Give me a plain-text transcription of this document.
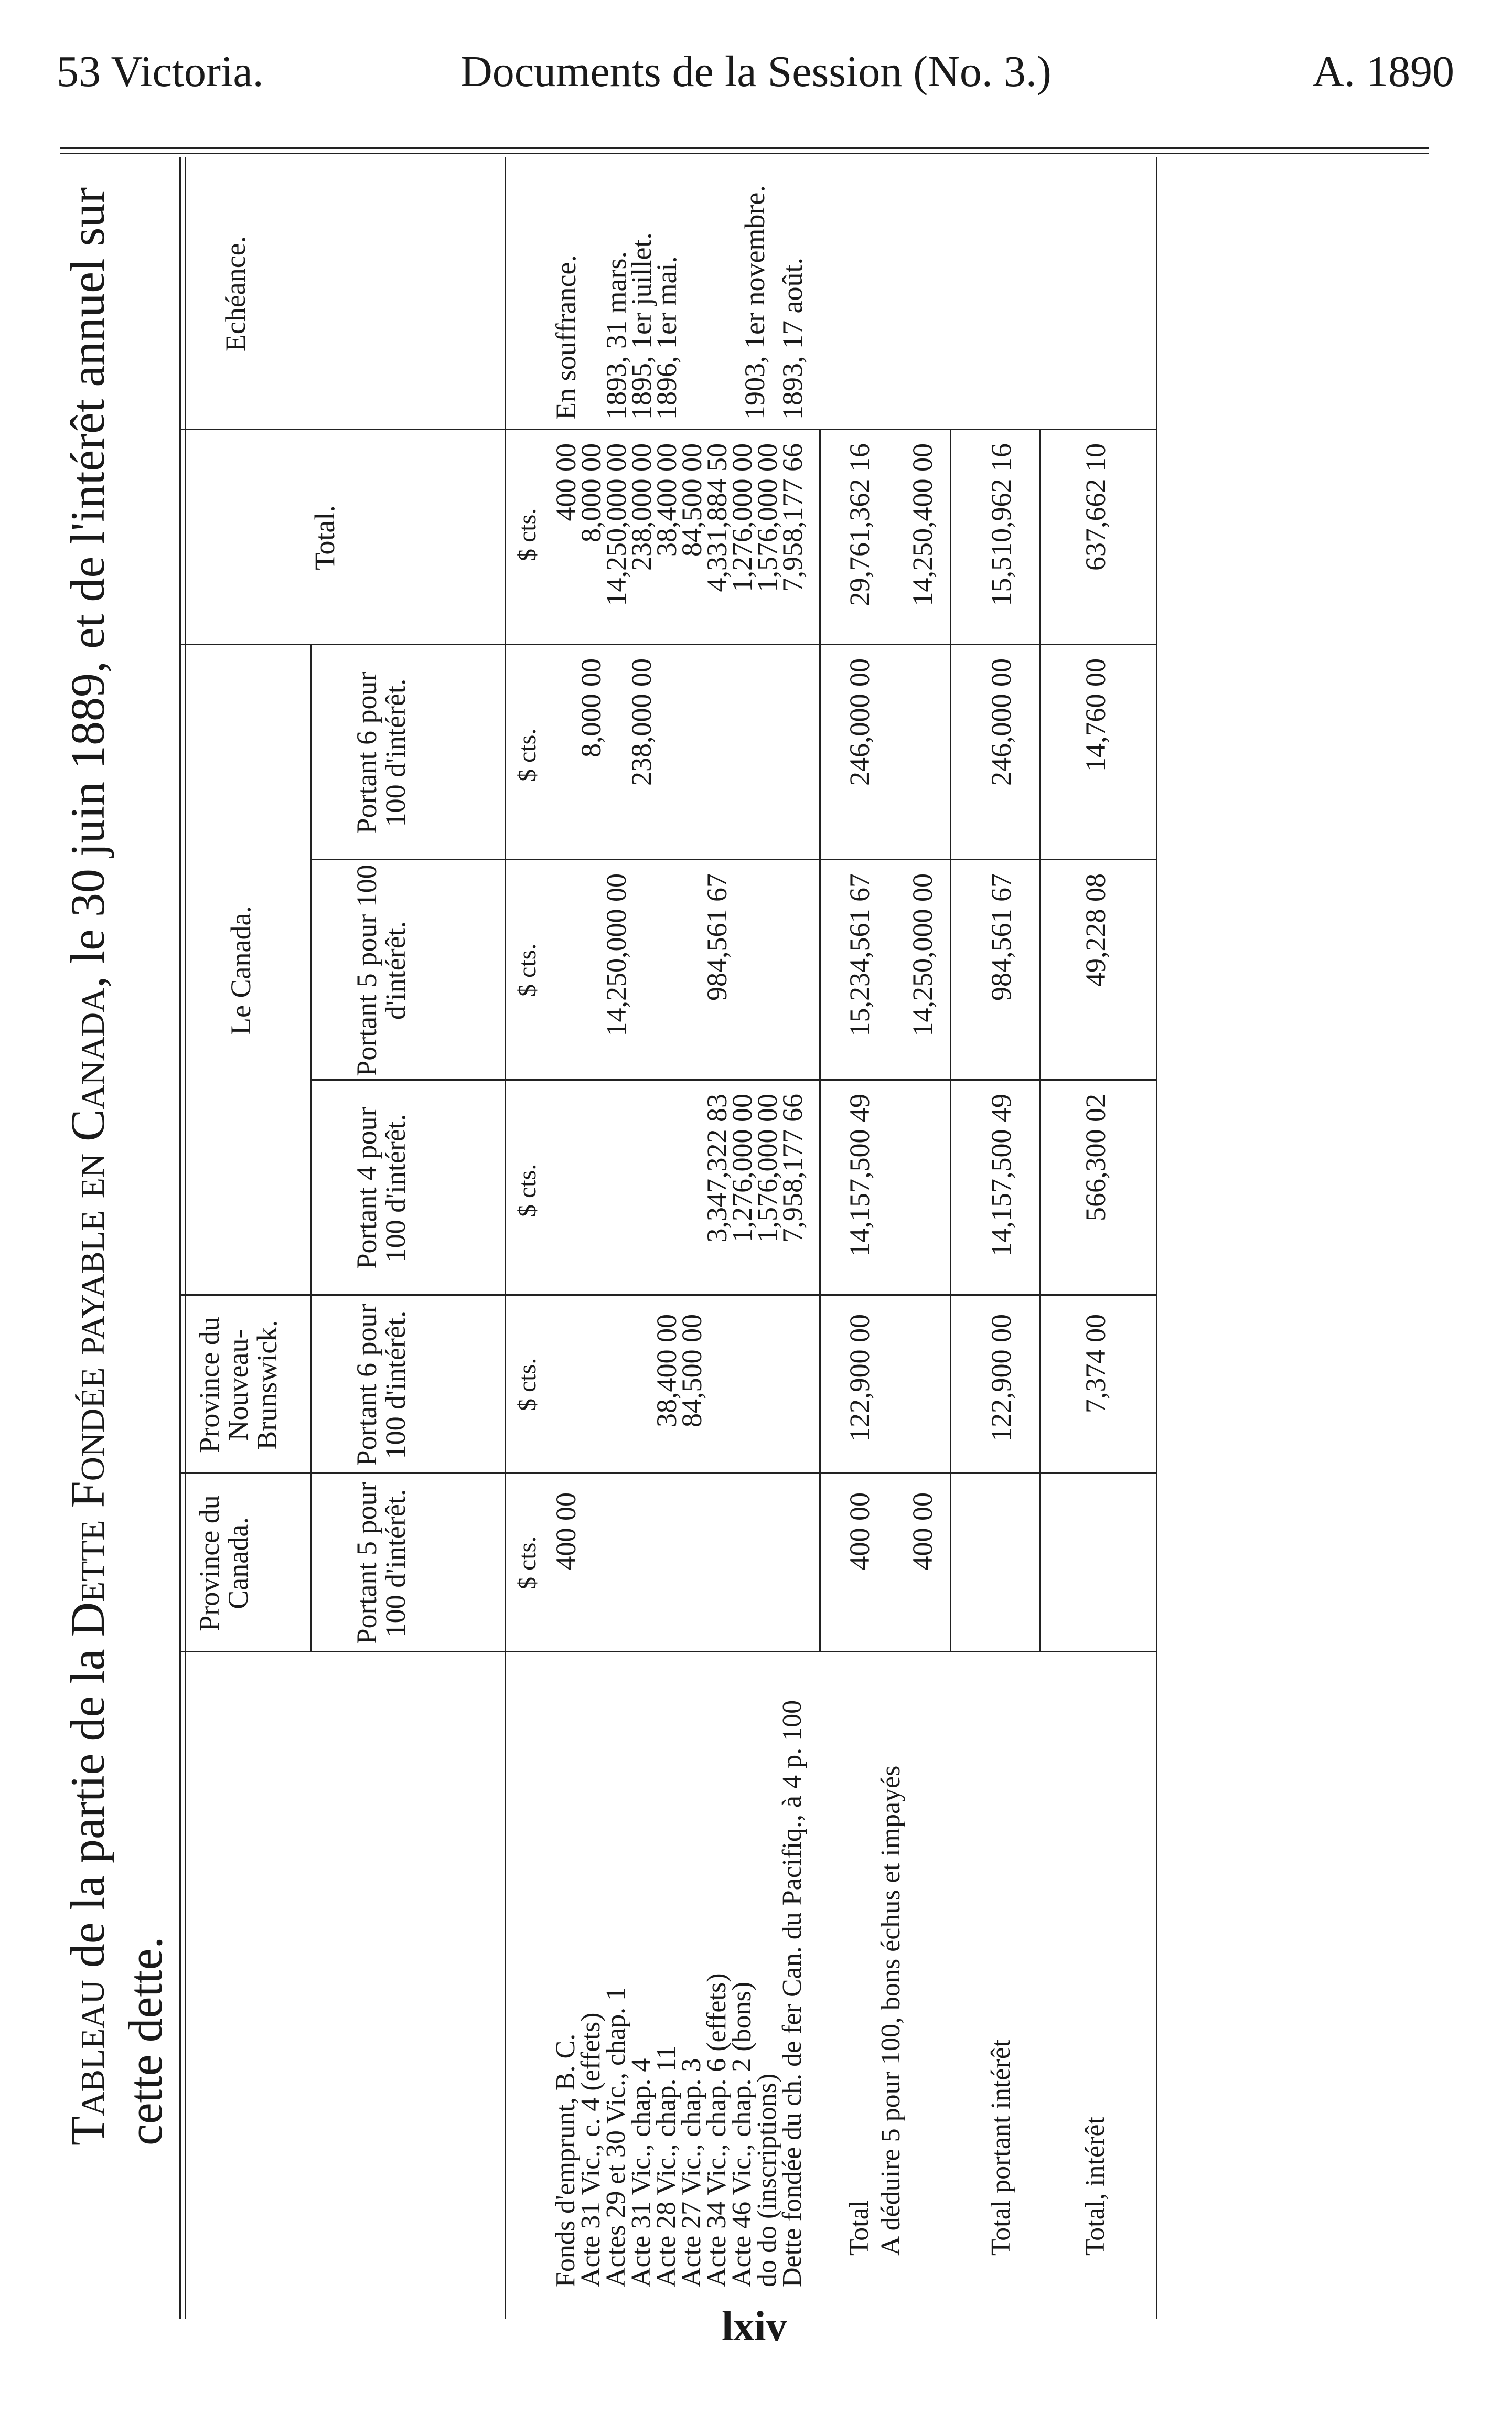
53 Victoria.	Documents de la Session (No. 3.)	A. 1890
Tableau de la partie de la Dette Fondée payable en Canada, le 30 juin 1889, et de l'intérêt annuel sur cette dette.
Province du Canada.
Province du Nouveau-Brunswick.
Le Canada.
Total.
Echéance.
Portant 5 pour 100 d'intérêt.
Portant 6 pour 100 d'intérêt.
Portant 4 pour 100 d'intérêt.
Portant 5 pour 100 d'intérêt.
Portant 6 pour 100 d'intérêt.
$ cts.
$ cts.
$ cts.
$ cts.
$ cts.
$ cts.
Fonds d'emprunt, B. C.
Acte 31 Vic., c. 4 (effets)
Actes 29 et 30 Vic., chap. 1
Acte 31 Vic., chap. 4
Acte 28 Vic., chap. 11
Acte 27 Vic., chap. 3
Acte 34 Vic., chap. 6 (effets)
Acte 46 Vic., chap. 2 (bons)
do do (inscriptions)
Dette fondée du ch. de fer Can. du Pacifiq., à 4 p. 100
400 00
400 00
En souffrance.
8,000 00
8,000 00
14,250,000 00
14,250,000 00
1893, 31 mars.
238,000 00
238,000 00
1895, 1er juillet.
38,400 00
38,400 00
1896, 1er mai.
84,500 00
84,500 00
3,347,322 83
984,561 67
4,331,884 50
1,276,000 00
1,276,000 00
1903, 1er novembre.
1,576,000 00
1,576,000 00
7,958,177 66
7,958,177 66
1893, 17 août.
Total
400 00
122,900 00
14,157,500 49
15,234,561 67
246,000 00
29,761,362 16
A déduire 5 pour 100, bons échus et impayés
400 00
14,250,000 00
14,250,400 00
Total portant intérêt
122,900 00
14,157,500 49
984,561 67
246,000 00
15,510,962 16
Total, intérêt
7,374 00
566,300 02
49,228 08
14,760 00
637,662 10
lxiv
